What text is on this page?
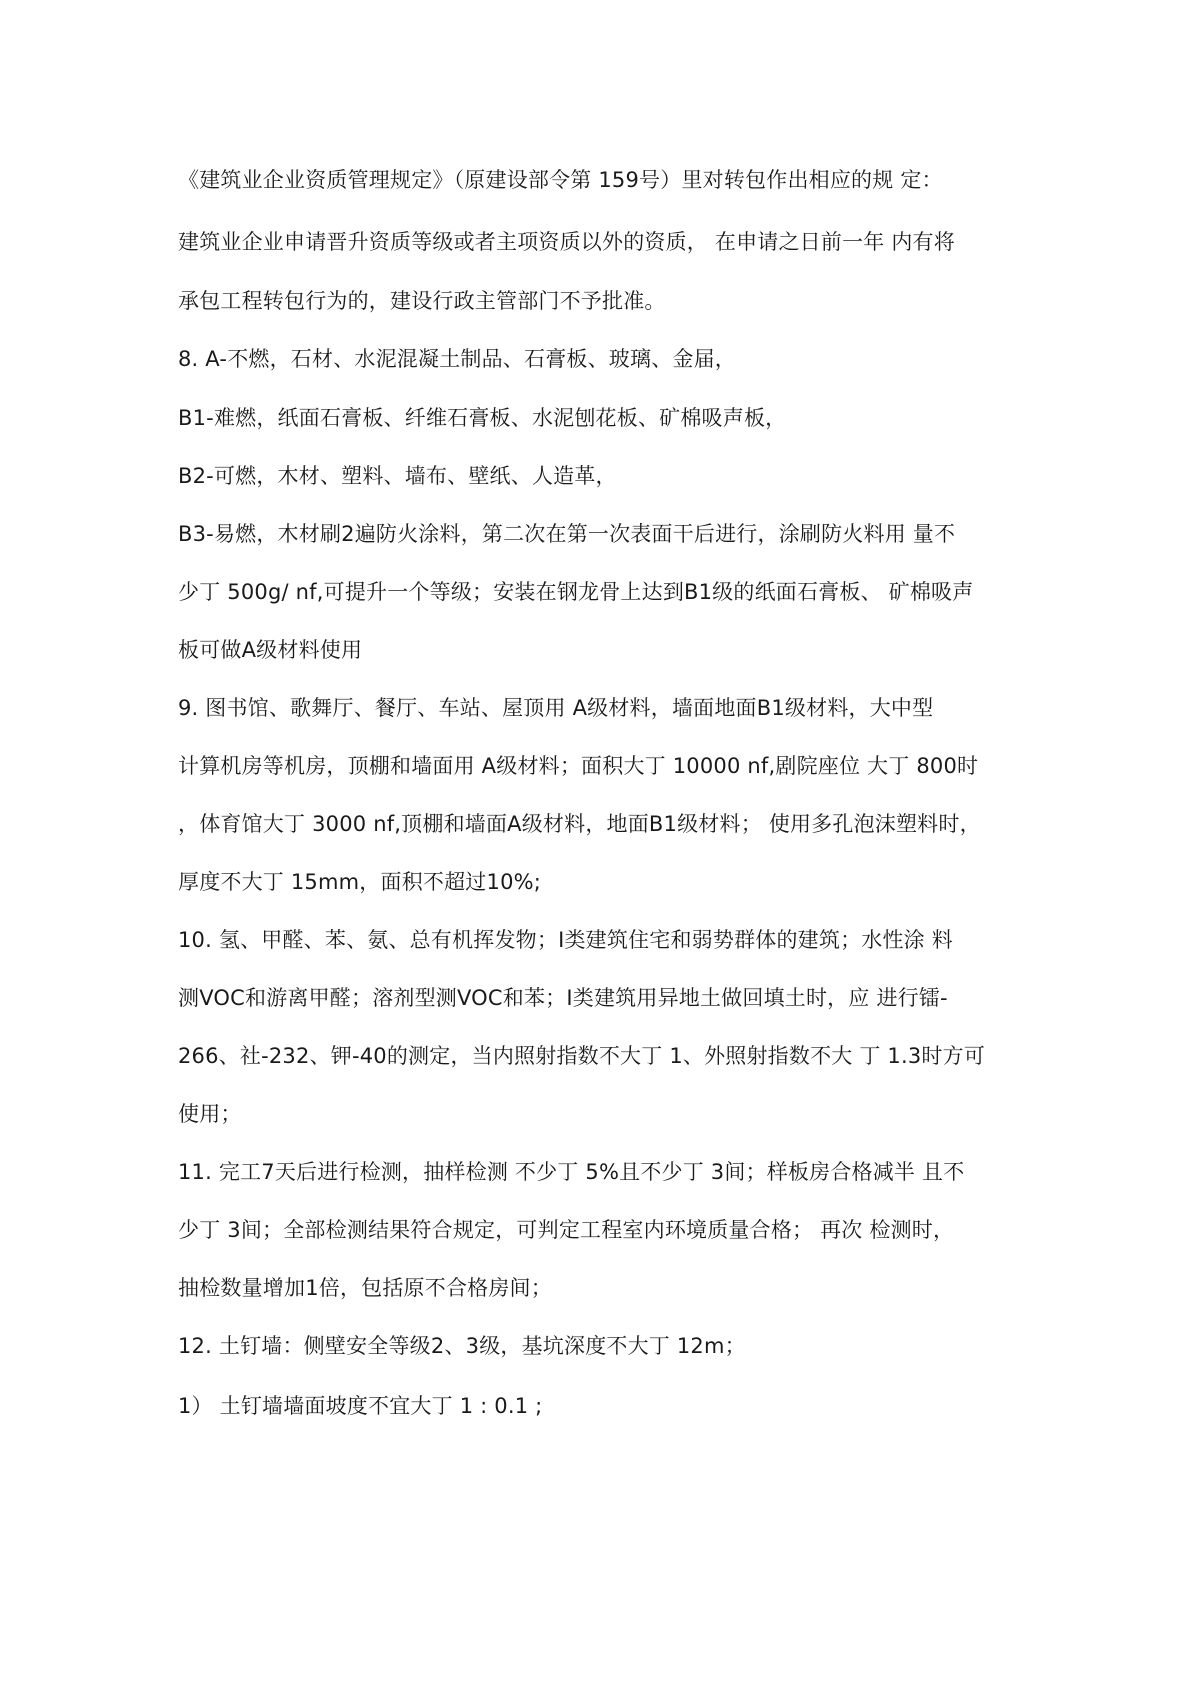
《建筑业企业资质管理规定》（原建设部令第 159号）里对转包作出相应的规 定：
建筑业企业申请晋升资质等级或者主项资质以外的资质， 在申请之日前一年 内有将
承包工程转包行为的，建设行政主管部门不予批准。
8. A-不燃，石材、水泥混凝土制品、石膏板、玻璃、金届，
B1-难燃，纸面石膏板、纤维石膏板、水泥刨花板、矿棉吸声板，
B2-可燃，木材、塑料、墙布、壁纸、人造革，
B3-易燃，木材刷2遍防火涂料，第二次在第一次表面干后进行，涂刷防火料用 量不
少丁 500g/ nf,可提升一个等级；安装在钢龙骨上达到B1级的纸面石膏板、 矿棉吸声
板可做A级材料使用
9. 图书馆、歌舞厅、餐厅、车站、屋顶用 A级材料，墙面地面B1级材料，大中型
计算机房等机房，顶棚和墙面用 A级材料；面积大丁 10000 nf,剧院座位 大丁 800时
，体育馆大丁 3000 nf,顶棚和墙面A级材料，地面B1级材料； 使用多孔泡沫塑料时，
厚度不大丁 15mm，面积不超过10%;
10. 氢、甲醛、苯、氨、总有机挥发物；I类建筑住宅和弱势群体的建筑；水性涂 料
测VOC和游离甲醛；溶剂型测VOC和苯；I类建筑用异地土做回填土时，应 进行镭-
266、社-232、钾-40的测定，当内照射指数不大丁 1、外照射指数不大 丁 1.3时方可
使用；
11. 完工7天后进行检测，抽样检测 不少丁 5%且不少丁 3间；样板房合格减半 且不
少丁 3间；全部检测结果符合规定，可判定工程室内环境质量合格； 再次 检测时，
抽检数量增加1倍，包括原不合格房间；
12. 土钉墙：侧壁安全等级2、3级，基坑深度不大丁 12m；
1） 土钉墙墙面坡度不宜大丁 1 : 0.1 ;
